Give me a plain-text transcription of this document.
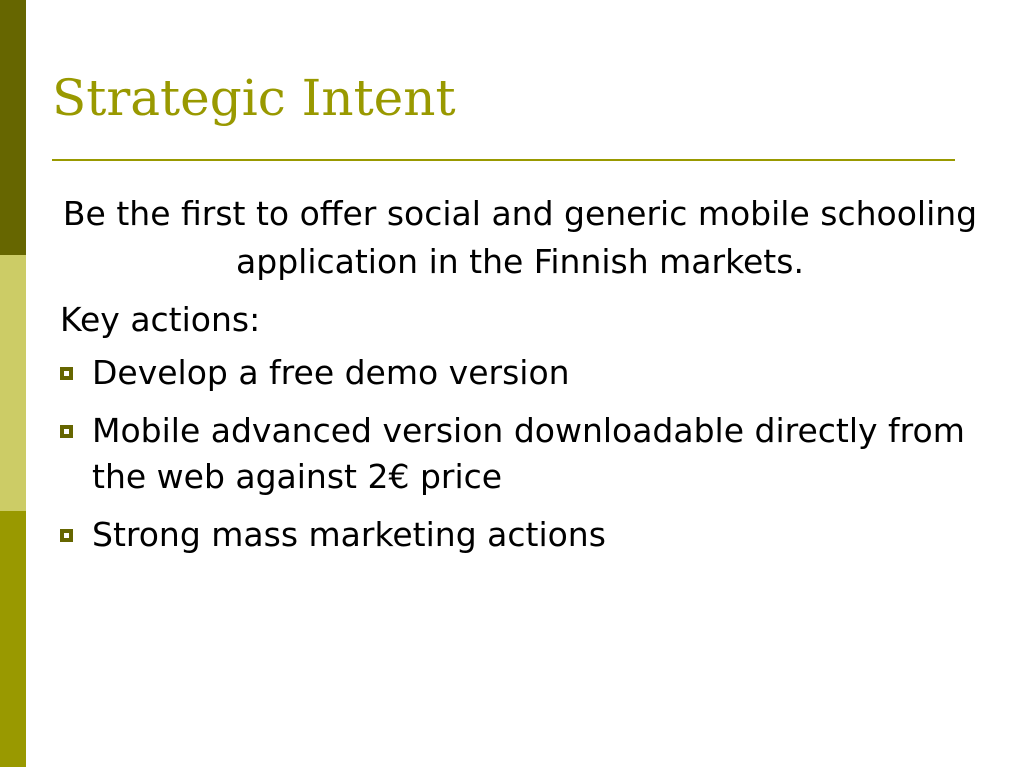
Strategic Intent

Be the first to offer social and generic mobile schooling application in the Finnish markets.

Key actions:

Develop a free demo version
Mobile advanced version downloadable directly from the web against 2€ price
Strong mass marketing actions
